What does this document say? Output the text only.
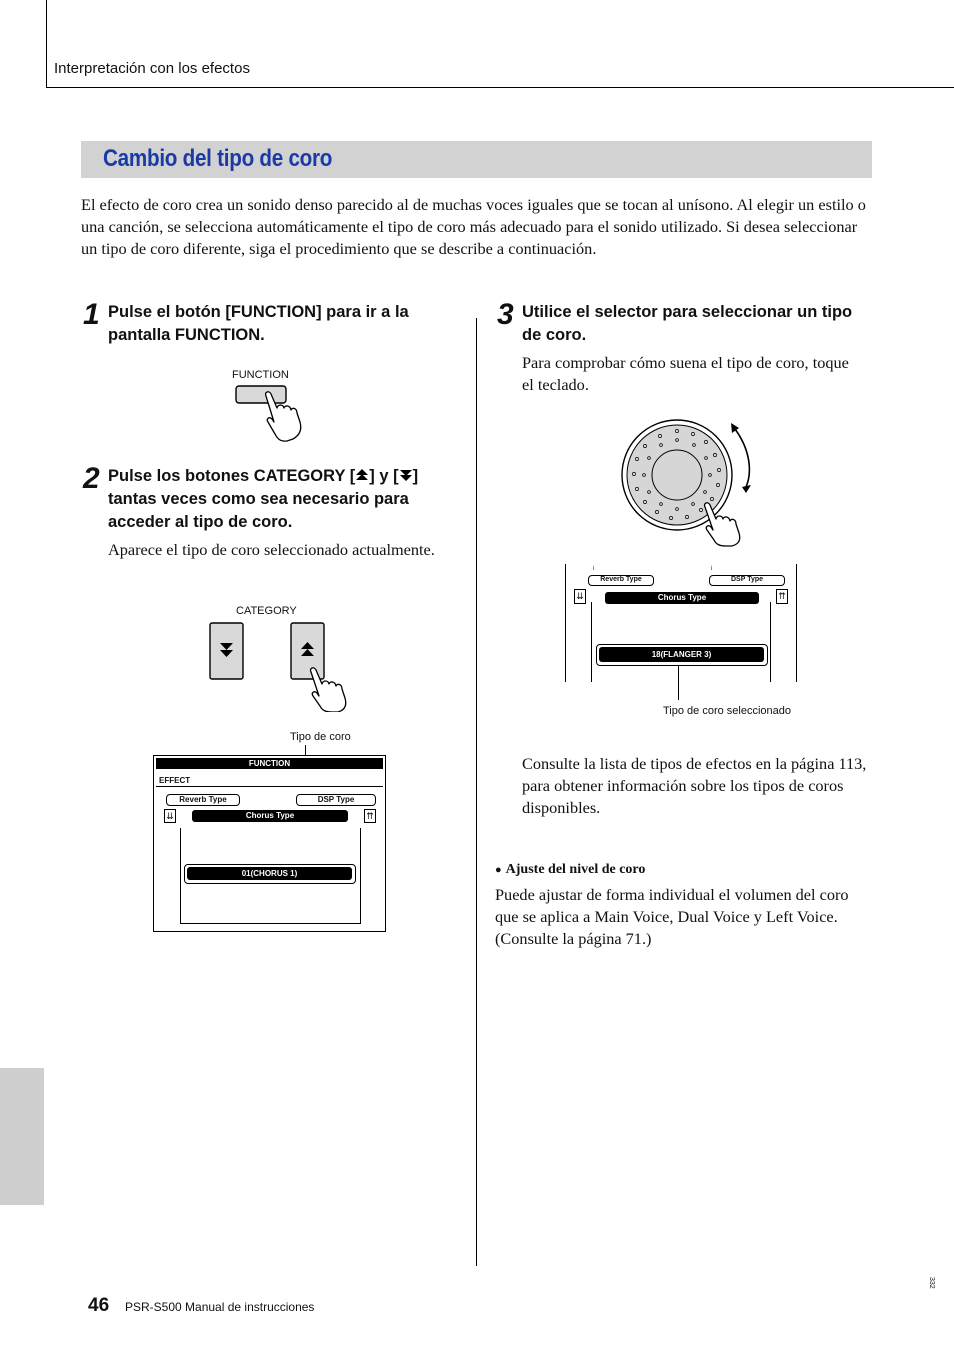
Interpretación con los efectos
Cambio del tipo de coro
El efecto de coro crea un sonido denso parecido al de muchas voces iguales que se tocan al unísono. Al elegir un estilo o una canción, se selecciona automáticamente el tipo de coro más adecuado para el sonido utilizado. Si desea seleccionar un tipo de coro diferente, siga el procedimiento que se describe a continuación.
1 Pulse el botón [FUNCTION] para ir a la pantalla FUNCTION.
FUNCTION
2 Pulse los botones CATEGORY [ ] y [ ] tantas veces como sea necesario para acceder al tipo de coro.
Aparece el tipo de coro seleccionado actualmente.
CATEGORY
Tipo de coro
FUNCTION
EFFECT
Reverb Type	DSP Type
⇊	⇈
Chorus Type
01(CHORUS 1)
3 Utilice el selector para seleccionar un tipo de coro.
Para comprobar cómo suena el tipo de coro, toque el teclado.
i	i
Reverb Type	DSP Type
⇊	⇈
Chorus Type
18(FLANGER 3)
Tipo de coro seleccionado
Consulte la lista de tipos de efectos en la página 113, para obtener información sobre los tipos de coros disponibles.
● Ajuste del nivel de coro
Puede ajustar de forma individual el volumen del coro que se aplica a Main Voice, Dual Voice y Left Voice. (Consulte la página 71.)
46 PSR-S500 Manual de instrucciones
332
